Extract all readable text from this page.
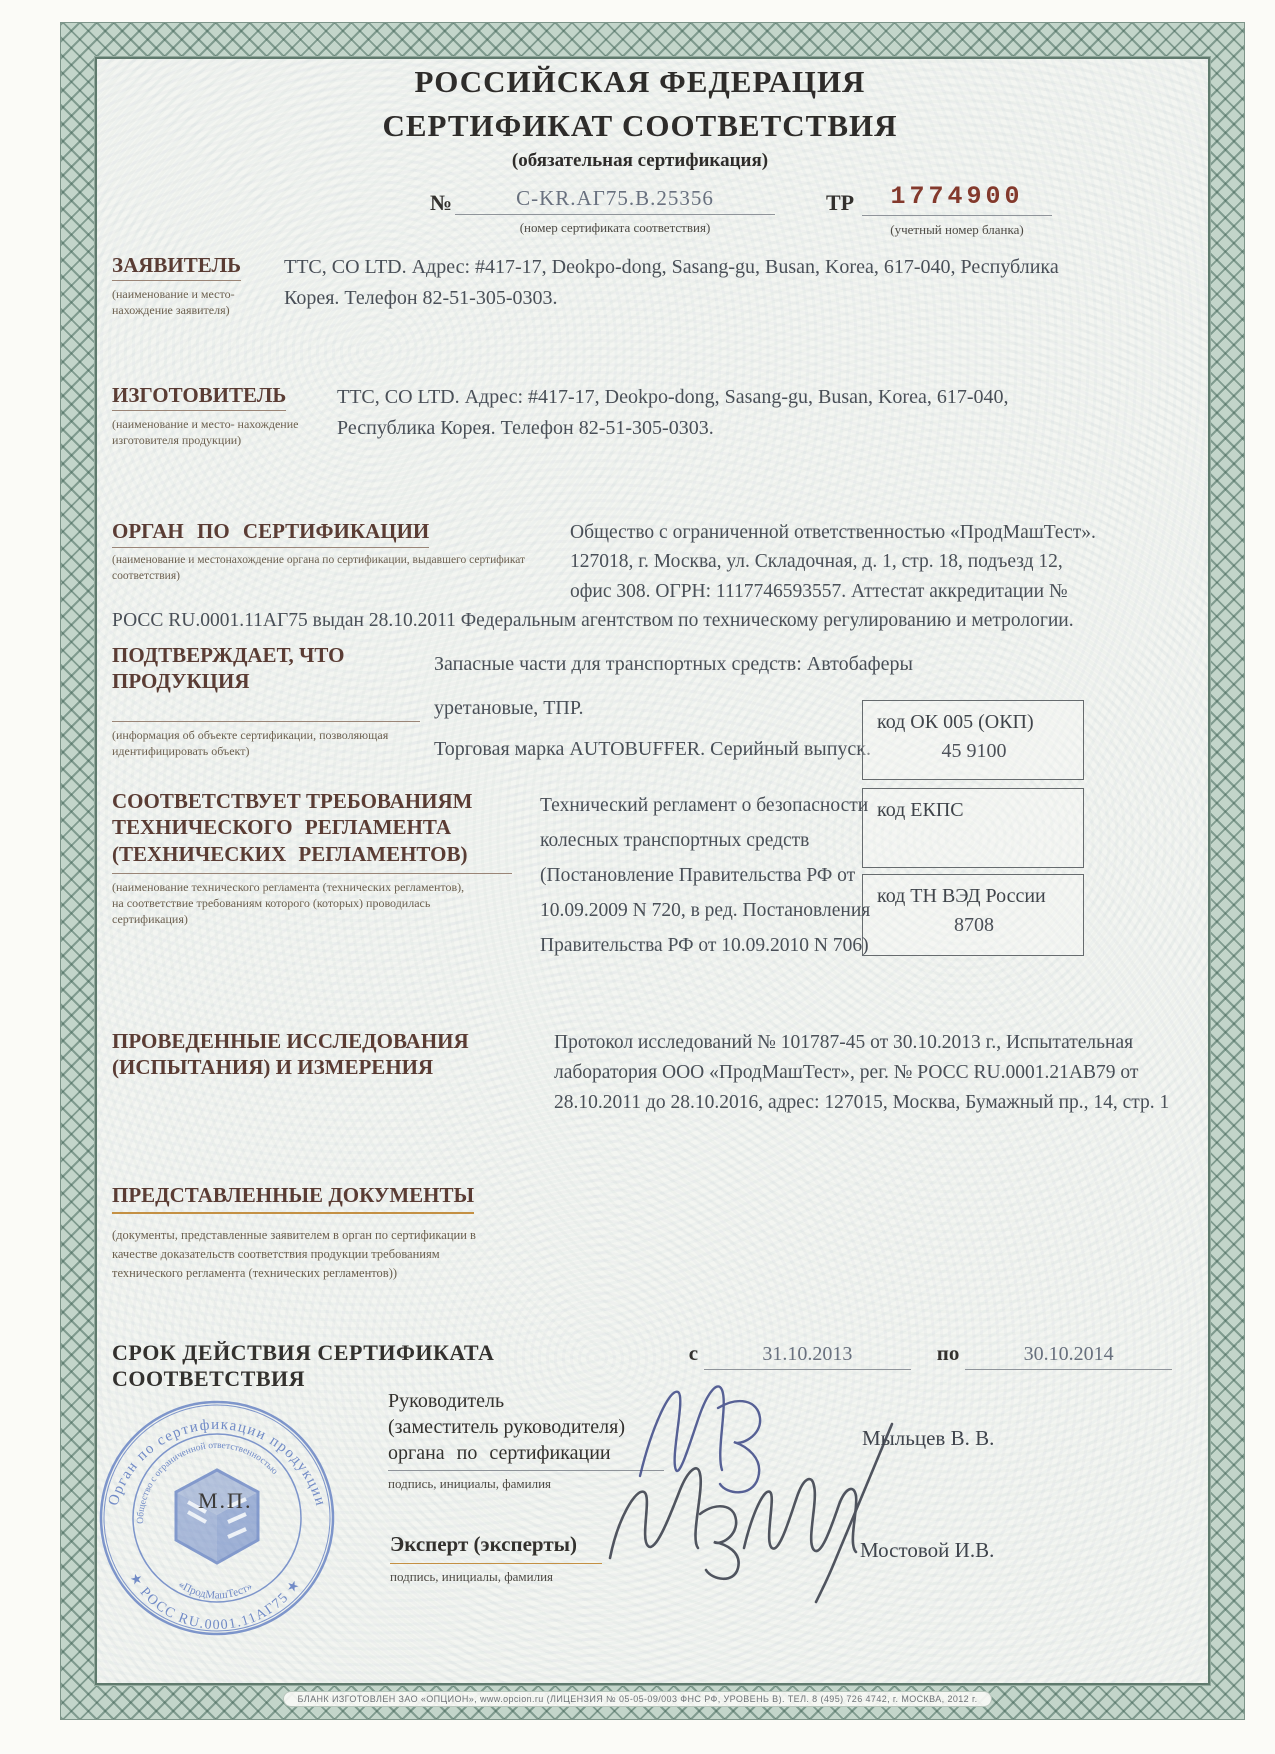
РОССИЙСКАЯ ФЕДЕРАЦИЯ
СЕРТИФИКАТ СООТВЕТСТВИЯ
(обязательная сертификация)
№	C-KR.АГ75.В.25356
(номер сертификата соответствия)
ТР	1774900
(учетный номер бланка)
ЗАЯВИТЕЛЬ
(наименование и место- нахождение заявителя)
TTC, CO LTD. Адрес: #417-17, Deokpo-dong, Sasang-gu, Busan, Korea, 617-040, Республика Корея. Телефон 82-51-305-0303.
ИЗГОТОВИТЕЛЬ
(наименование и место- нахождение изготовителя продукции)
TTC, CO LTD. Адрес: #417-17, Deokpo-dong, Sasang-gu, Busan, Korea, 617-040, Республика Корея. Телефон 82-51-305-0303.
ОРГАН ПО СЕРТИФИКАЦИИ
(наименование и местонахождение органа по сертификации, выдавшего сертификат соответствия)
Общество с ограниченной ответственностью «ПродМашТест». 127018, г. Москва, ул. Складочная, д. 1, стр. 18, подъезд 12, офис 308. ОГРН: 1117746593557. Аттестат аккредитации № РОСС RU.0001.11АГ75 выдан 28.10.2011 Федеральным агентством по техническому регулированию и метрологии.
ПОДТВЕРЖДАЕТ, ЧТО
ПРОДУКЦИЯ
(информация об объекте сертификации, позволяющая идентифицировать объект)
Запасные части для транспортных средств: Автобаферы уретановые, ТПР.
Торговая марка AUTOBUFFER. Серийный выпуск.
код ОК 005 (ОКП)
45 9100
код ЕКПС
код ТН ВЭД России
8708
СООТВЕТСТВУЕТ ТРЕБОВАНИЯМ
ТЕХНИЧЕСКОГО РЕГЛАМЕНТА
(ТЕХНИЧЕСКИХ РЕГЛАМЕНТОВ)
(наименование технического регламента (технических регламентов), на соответствие требованиям которого (которых) проводилась сертификация)
Технический регламент о безопасности колесных транспортных средств (Постановление Правительства РФ от 10.09.2009 N 720, в ред. Постановления Правительства РФ от 10.09.2010 N 706)
ПРОВЕДЕННЫЕ ИССЛЕДОВАНИЯ
(ИСПЫТАНИЯ) И ИЗМЕРЕНИЯ
Протокол исследований № 101787-45 от 30.10.2013 г., Испытательная лаборатория ООО «ПродМашТест», рег. № РОСС RU.0001.21АВ79 от 28.10.2011 до 28.10.2016, адрес: 127015, Москва, Бумажный пр., 14, стр. 1
ПРЕДСТАВЛЕННЫЕ ДОКУМЕНТЫ
(документы, представленные заявителем в орган по сертификации в качестве доказательств соответствия продукции требованиям технического регламента (технических регламентов))
СРОК ДЕЙСТВИЯ СЕРТИФИКАТА СООТВЕТСТВИЯ
с	31.10.2013	по	30.10.2014
Орган по сертификации продукции
★ РОСС RU.0001.11АГ75 ★
Общество с ограниченной ответственностью
«ПродМашТест»
М.П.
Руководитель
(заместитель руководителя)
органа по сертификации
подпись, инициалы, фамилия
Мыльцев В. В.
Эксперт (эксперты)
подпись, инициалы, фамилия
Мостовой И.В.
БЛАНК ИЗГОТОВЛЕН ЗАО «ОПЦИОН», www.opcion.ru (ЛИЦЕНЗИЯ № 05-05-09/003 ФНС РФ, УРОВЕНЬ В). ТЕЛ. 8 (495) 726 4742, г. МОСКВА, 2012 г.
